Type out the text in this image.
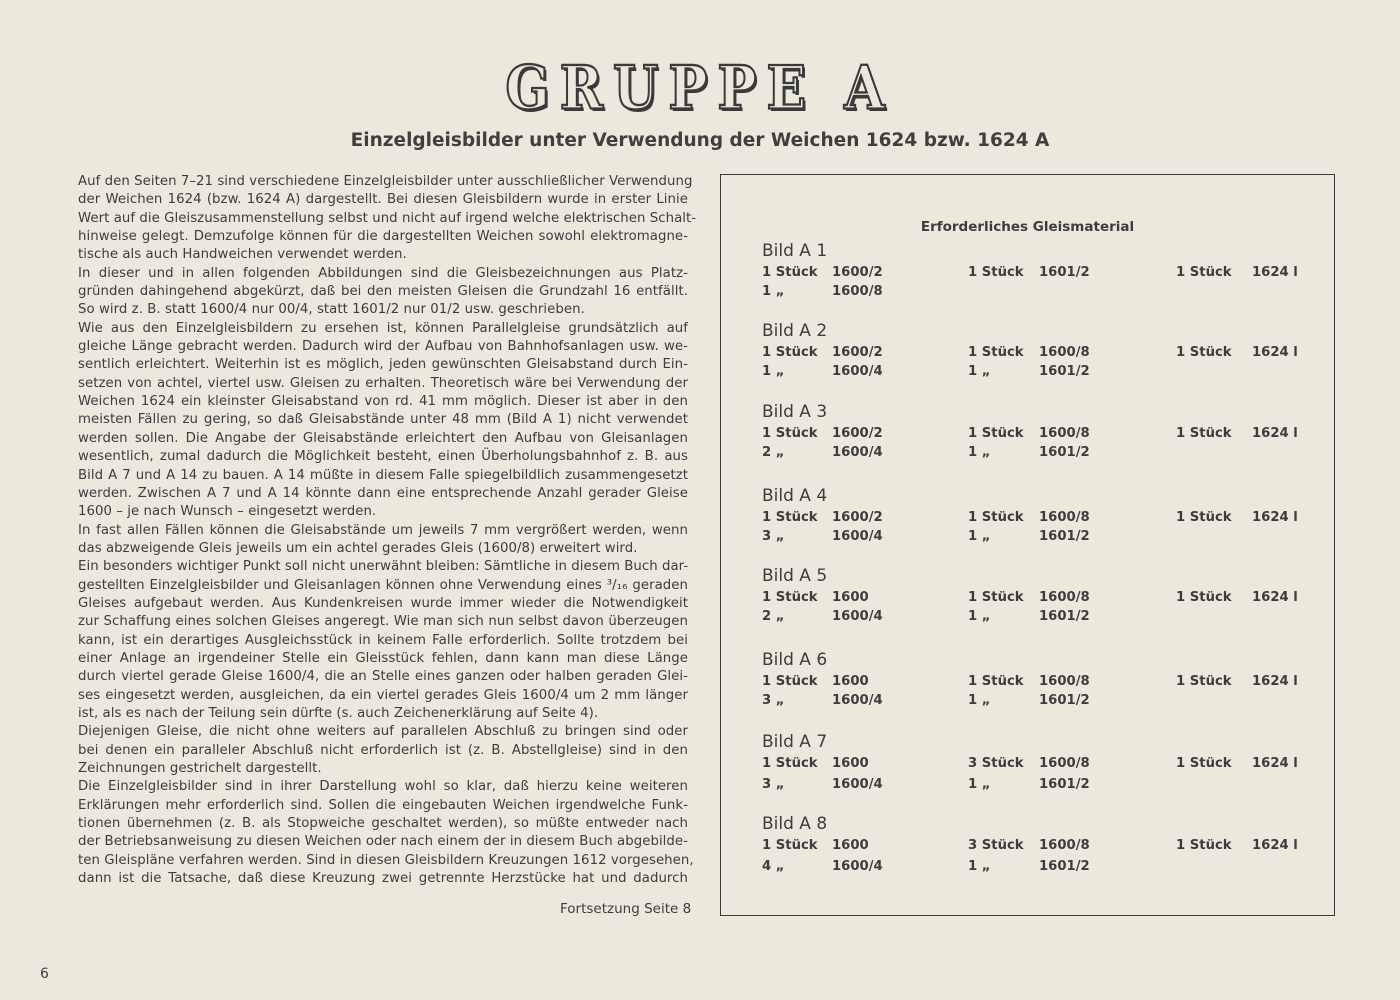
GRUPPE A
Einzelgleisbilder unter Verwendung der Weichen 1624 bzw. 1624 A
Auf den Seiten 7–21 sind verschiedene Einzelgleisbilder unter ausschließlicher Verwendung
der Weichen 1624 (bzw. 1624 A) dargestellt. Bei diesen Gleisbildern wurde in erster Linie
Wert auf die Gleiszusammenstellung selbst und nicht auf irgend welche elektrischen Schalt-
hinweise gelegt. Demzufolge können für die dargestellten Weichen sowohl elektromagne-
tische als auch Handweichen verwendet werden.
In dieser und in allen folgenden Abbildungen sind die Gleisbezeichnungen aus Platz-
gründen dahingehend abgekürzt, daß bei den meisten Gleisen die Grundzahl 16 entfällt.
So wird z. B. statt 1600/4 nur 00/4, statt 1601/2 nur 01/2 usw. geschrieben.
Wie aus den Einzelgleisbildern zu ersehen ist, können Parallelgleise grundsätzlich auf
gleiche Länge gebracht werden. Dadurch wird der Aufbau von Bahnhofsanlagen usw. we-
sentlich erleichtert. Weiterhin ist es möglich, jeden gewünschten Gleisabstand durch Ein-
setzen von achtel, viertel usw. Gleisen zu erhalten. Theoretisch wäre bei Verwendung der
Weichen 1624 ein kleinster Gleisabstand von rd. 41 mm möglich. Dieser ist aber in den
meisten Fällen zu gering, so daß Gleisabstände unter 48 mm (Bild A 1) nicht verwendet
werden sollen. Die Angabe der Gleisabstände erleichtert den Aufbau von Gleisanlagen
wesentlich, zumal dadurch die Möglichkeit besteht, einen Überholungsbahnhof z. B. aus
Bild A 7 und A 14 zu bauen. A 14 müßte in diesem Falle spiegelbildlich zusammengesetzt
werden. Zwischen A 7 und A 14 könnte dann eine entsprechende Anzahl gerader Gleise
1600 – je nach Wunsch – eingesetzt werden.
In fast allen Fällen können die Gleisabstände um jeweils 7 mm vergrößert werden, wenn
das abzweigende Gleis jeweils um ein achtel gerades Gleis (1600/8) erweitert wird.
Ein besonders wichtiger Punkt soll nicht unerwähnt bleiben: Sämtliche in diesem Buch dar-
gestellten Einzelgleisbilder und Gleisanlagen können ohne Verwendung eines ³/₁₆ geraden
Gleises aufgebaut werden. Aus Kundenkreisen wurde immer wieder die Notwendigkeit
zur Schaffung eines solchen Gleises angeregt. Wie man sich nun selbst davon überzeugen
kann, ist ein derartiges Ausgleichsstück in keinem Falle erforderlich. Sollte trotzdem bei
einer Anlage an irgendeiner Stelle ein Gleisstück fehlen, dann kann man diese Länge
durch viertel gerade Gleise 1600/4, die an Stelle eines ganzen oder halben geraden Glei-
ses eingesetzt werden, ausgleichen, da ein viertel gerades Gleis 1600/4 um 2 mm länger
ist, als es nach der Teilung sein dürfte (s. auch Zeichenerklärung auf Seite 4).
Diejenigen Gleise, die nicht ohne weiters auf parallelen Abschluß zu bringen sind oder
bei denen ein paralleler Abschluß nicht erforderlich ist (z. B. Abstellgleise) sind in den
Zeichnungen gestrichelt dargestellt.
Die Einzelgleisbilder sind in ihrer Darstellung wohl so klar, daß hierzu keine weiteren
Erklärungen mehr erforderlich sind. Sollen die eingebauten Weichen irgendwelche Funk-
tionen übernehmen (z. B. als Stopweiche geschaltet werden), so müßte entweder nach
der Betriebsanweisung zu diesen Weichen oder nach einem der in diesem Buch abgebilde-
ten Gleispläne verfahren werden. Sind in diesen Gleisbildern Kreuzungen 1612 vorgesehen,
dann ist die Tatsache, daß diese Kreuzung zwei getrennte Herzstücke hat und dadurch
Fortsetzung Seite 8
6
Erforderliches Gleismaterial
Bild A 1
1 Stück 1600/2	1 Stück 1601/2	1 Stück 1624 l
1 „	1600/8
Bild A 2
1 Stück 1600/2	1 Stück 1600/8	1 Stück 1624 l
1 „	1600/4	1 „	1601/2
Bild A 3
1 Stück 1600/2	1 Stück 1600/8	1 Stück 1624 l
2 „	1600/4	1 „	1601/2
Bild A 4
1 Stück 1600/2	1 Stück 1600/8	1 Stück 1624 l
3 „	1600/4	1 „	1601/2
Bild A 5
1 Stück 1600	1 Stück 1600/8	1 Stück 1624 l
2 „	1600/4	1 „	1601/2
Bild A 6
1 Stück 1600	1 Stück 1600/8	1 Stück 1624 l
3 „	1600/4	1 „	1601/2
Bild A 7
1 Stück 1600	3 Stück 1600/8	1 Stück 1624 l
3 „	1600/4	1 „	1601/2
Bild A 8
1 Stück 1600	3 Stück 1600/8	1 Stück 1624 l
4 „	1600/4	1 „	1601/2
